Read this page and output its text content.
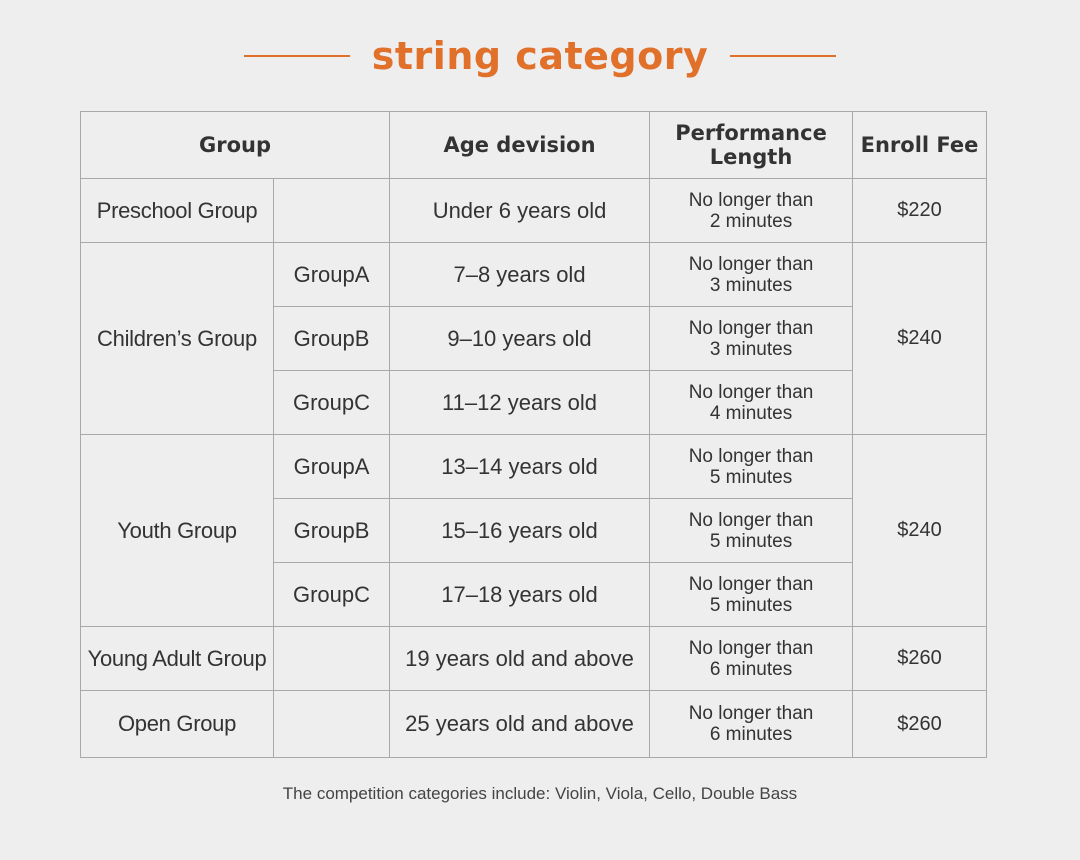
string category
Group		Age devision	Performance
Length	Enroll Fee
Preschool Group		Under 6 years old	No longer than
2 minutes	$220
Children’s Group	GroupA	7–8 years old	No longer than
3 minutes	$240
	GroupB	9–10 years old	No longer than
3 minutes	

	GroupC	11–12 years old	No longer than
4 minutes	

Youth Group	GroupA	13–14 years old	No longer than
5 minutes	$240
	GroupB	15–16 years old	No longer than
5 minutes	

	GroupC	17–18 years old	No longer than
5 minutes	

Young Adult Group		19 years old and above	No longer than
6 minutes	$260
Open Group		25 years old and above	No longer than
6 minutes	$260
The competition categories include: Violin, Viola, Cello, Double Bass
